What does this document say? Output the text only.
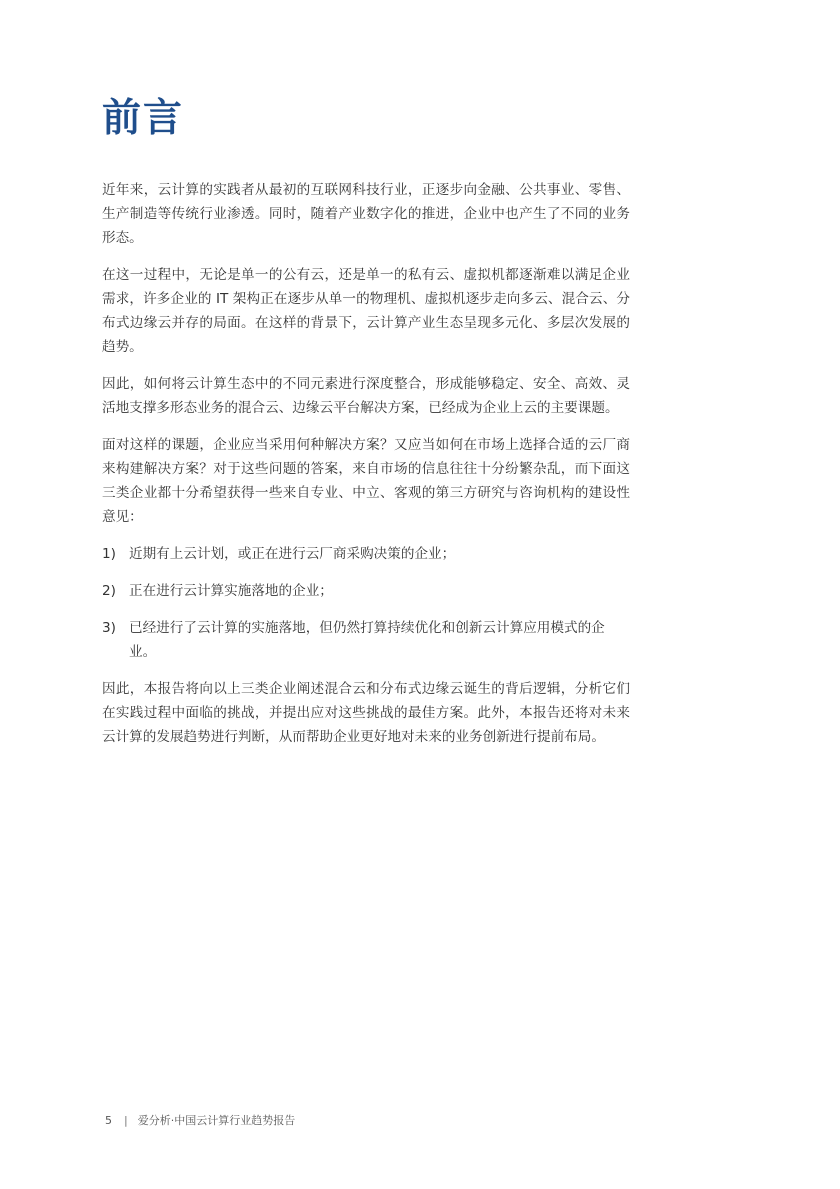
前言

近年来，云计算的实践者从最初的互联网科技行业，正逐步向金融、公共事业、零售、生产制造等传统行业渗透。同时，随着产业数字化的推进，企业中也产生了不同的业务形态。

在这一过程中，无论是单一的公有云，还是单一的私有云、虚拟机都逐渐难以满足企业需求，许多企业的 IT 架构正在逐步从单一的物理机、虚拟机逐步走向多云、混合云、分布式边缘云并存的局面。在这样的背景下，云计算产业生态呈现多元化、多层次发展的趋势。

因此，如何将云计算生态中的不同元素进行深度整合，形成能够稳定、安全、高效、灵活地支撑多形态业务的混合云、边缘云平台解决方案，已经成为企业上云的主要课题。

面对这样的课题，企业应当采用何种解决方案？又应当如何在市场上选择合适的云厂商来构建解决方案？对于这些问题的答案，来自市场的信息往往十分纷繁杂乱，而下面这三类企业都十分希望获得一些来自专业、中立、客观的第三方研究与咨询机构的建设性意见：

1) 近期有上云计划，或正在进行云厂商采购决策的企业；
2) 正在进行云计算实施落地的企业；
3) 已经进行了云计算的实施落地，但仍然打算持续优化和创新云计算应用模式的企业。

因此，本报告将向以上三类企业阐述混合云和分布式边缘云诞生的背后逻辑，分析它们在实践过程中面临的挑战，并提出应对这些挑战的最佳方案。此外，本报告还将对未来云计算的发展趋势进行判断，从而帮助企业更好地对未来的业务创新进行提前布局。

5 | 爱分析·中国云计算行业趋势报告
